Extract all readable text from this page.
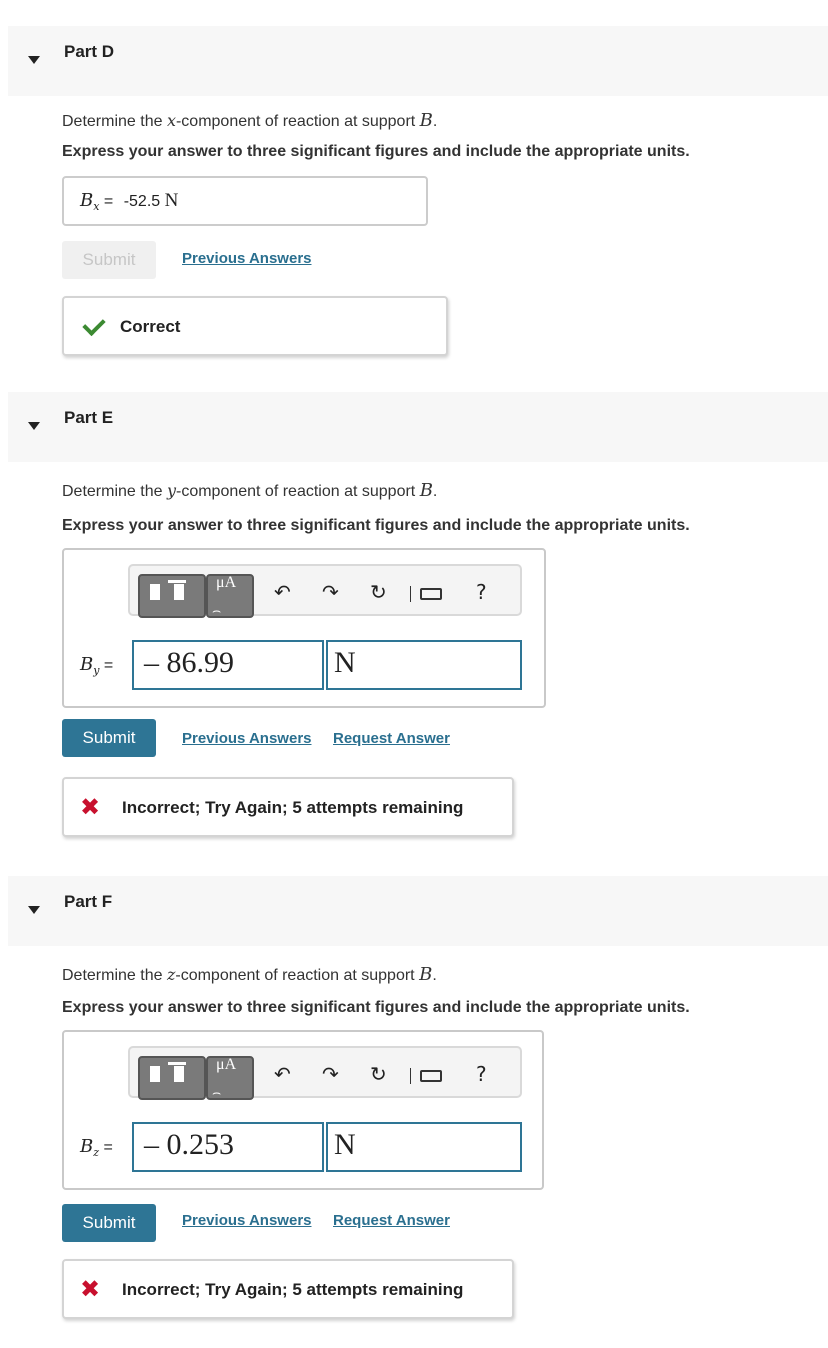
Part D
Determine the x-component of reaction at support B.
Express your answer to three significant figures and include the appropriate units.
$B_x = -52.5$ N
Submit	Previous Answers
Correct
Part E
Determine the y-component of reaction at support B.
Express your answer to three significant figures and include the appropriate units.
μA
⌢
↶ ↷ ↻	?
$B_y$ =	– 86.99	N
Submit	Previous Answers Request Answer
✖ Incorrect; Try Again; 5 attempts remaining
Part F
Determine the z-component of reaction at support B.
Express your answer to three significant figures and include the appropriate units.
μA
⌢
↶ ↷ ↻	?
$B_z$ =	– 0.253	N
Submit	Previous Answers Request Answer
✖ Incorrect; Try Again; 5 attempts remaining
